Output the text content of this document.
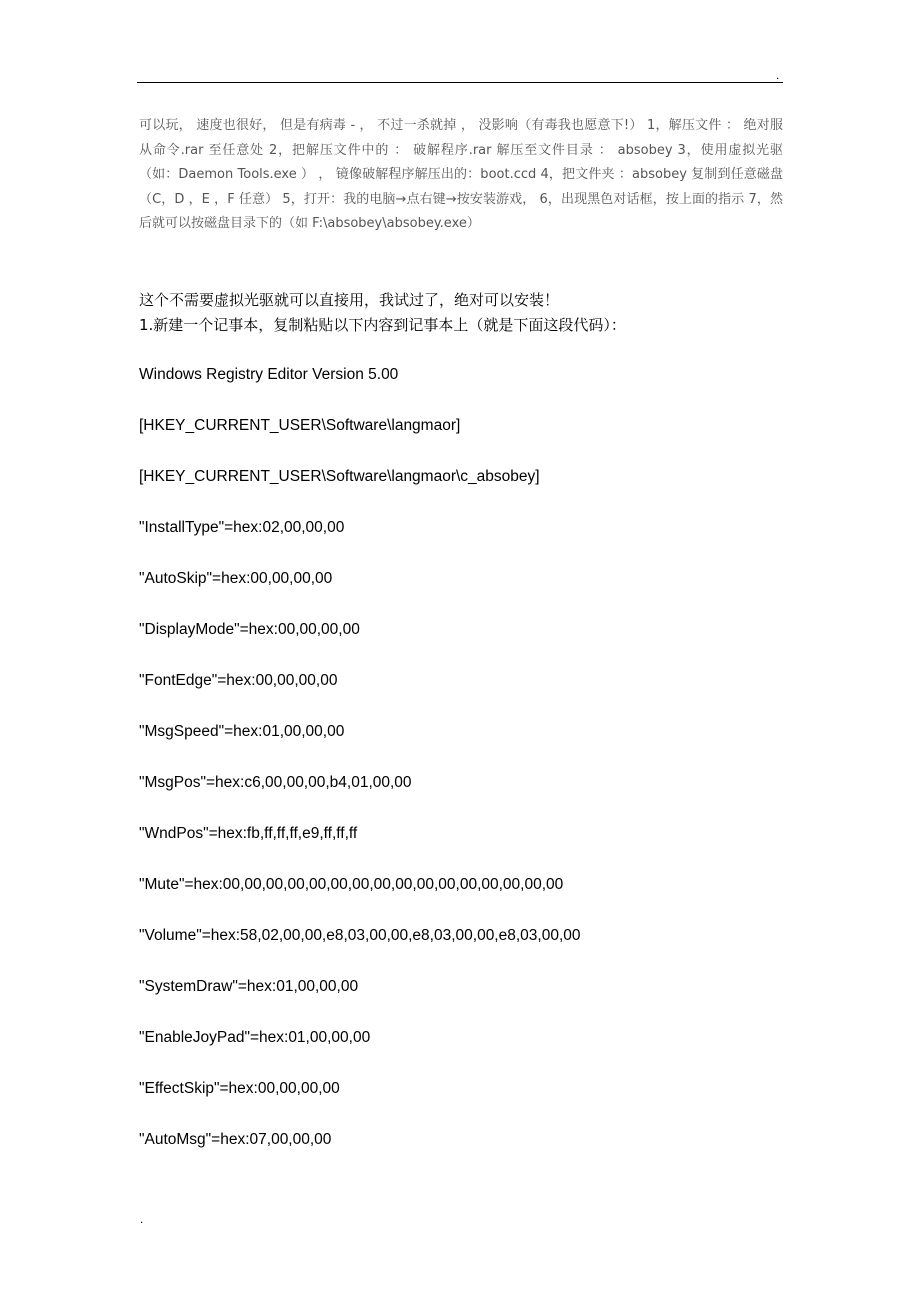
.
可以玩， 速度也很好， 但是有病毒 - ， 不过一杀就掉 ， 没影响（有毒我也愿意下!） 1，解压文件 ： 绝对服从命令.rar 至任意处 2，把解压文件中的 ： 破解程序.rar 解压至文件目录 ： absobey 3，使用虚拟光驱（如：Daemon Tools.exe ） ， 镜像破解程序解压出的：boot.ccd 4，把文件夹 ：absobey 复制到任意磁盘（C，D ，E ，F 任意） 5，打开：我的电脑→点右键→按安装游戏， 6，出现黑色对话框，按上面的指示 7，然后就可以按磁盘目录下的（如 F:\absobey\absobey.exe）
这个不需要虚拟光驱就可以直接用，我试过了，绝对可以安装！
1.新建一个记事本，复制粘贴以下内容到记事本上（就是下面这段代码）：
Windows Registry Editor Version 5.00
[HKEY_CURRENT_USER\Software\langmaor]
[HKEY_CURRENT_USER\Software\langmaor\c_absobey]
"InstallType"=hex:02,00,00,00
"AutoSkip"=hex:00,00,00,00
"DisplayMode"=hex:00,00,00,00
"FontEdge"=hex:00,00,00,00
"MsgSpeed"=hex:01,00,00,00
"MsgPos"=hex:c6,00,00,00,b4,01,00,00
"WndPos"=hex:fb,ff,ff,ff,e9,ff,ff,ff
"Mute"=hex:00,00,00,00,00,00,00,00,00,00,00,00,00,00,00,00
"Volume"=hex:58,02,00,00,e8,03,00,00,e8,03,00,00,e8,03,00,00
"SystemDraw"=hex:01,00,00,00
"EnableJoyPad"=hex:01,00,00,00
"EffectSkip"=hex:00,00,00,00
"AutoMsg"=hex:07,00,00,00
.
